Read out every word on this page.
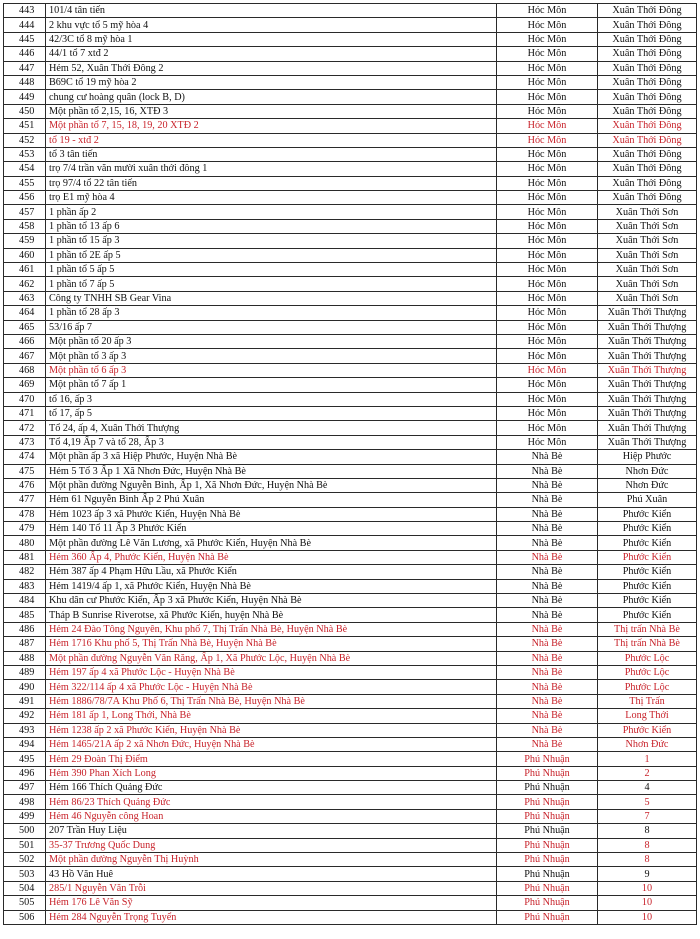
443	101/4 tân tiến	Hóc Môn	Xuân Thới Đông
444	2 khu vực tổ 5 mỹ hòa 4	Hóc Môn	Xuân Thới Đông
445	42/3C tổ 8 mỹ hòa 1	Hóc Môn	Xuân Thới Đông
446	44/1 tổ 7 xtđ 2	Hóc Môn	Xuân Thới Đông
447	Hẻm 52, Xuân Thới Đông 2	Hóc Môn	Xuân Thới Đông
448	B69C tổ 19 mỹ hòa 2	Hóc Môn	Xuân Thới Đông
449	chung cư hoàng quân (lock B, D)	Hóc Môn	Xuân Thới Đông
450	Một phần tổ 2,15, 16, XTĐ 3	Hóc Môn	Xuân Thới Đông
451	Một phần tổ 7, 15, 18, 19, 20 XTĐ 2	Hóc Môn	Xuân Thới Đông
452	tổ 19 - xtđ 2	Hóc Môn	Xuân Thới Đông
453	tổ 3 tân tiến	Hóc Môn	Xuân Thới Đông
454	trọ 7/4 trần văn mười xuân thới đông 1	Hóc Môn	Xuân Thới Đông
455	trọ 97/4 tổ 22 tân tiến	Hóc Môn	Xuân Thới Đông
456	trọ E1 mỹ hòa 4	Hóc Môn	Xuân Thới Đông
457	1 phần ấp 2	Hóc Môn	Xuân Thới Sơn
458	1 phần tổ 13 ấp 6	Hóc Môn	Xuân Thới Sơn
459	1 phần tổ 15 ấp 3	Hóc Môn	Xuân Thới Sơn
460	1 phần tổ 2E ấp 5	Hóc Môn	Xuân Thới Sơn
461	1 phần tổ 5 ấp 5	Hóc Môn	Xuân Thới Sơn
462	1 phần tổ 7 ấp 5	Hóc Môn	Xuân Thới Sơn
463	Công ty TNHH SB Gear Vina	Hóc Môn	Xuân Thới Sơn
464	1 phần tổ 28 ấp 3	Hóc Môn	Xuân Thới Thượng
465	53/16 ấp 7	Hóc Môn	Xuân Thới Thượng
466	Một phần tổ 20 ấp 3	Hóc Môn	Xuân Thới Thượng
467	Một phần tổ 3 ấp 3	Hóc Môn	Xuân Thới Thượng
468	Một phần tổ 6 ấp 3	Hóc Môn	Xuân Thới Thượng
469	Một phần tổ 7 ấp 1	Hóc Môn	Xuân Thới Thượng
470	tổ 16, ấp 3	Hóc Môn	Xuân Thới Thượng
471	tổ 17, ấp 5	Hóc Môn	Xuân Thới Thượng
472	Tổ 24, ấp 4, Xuân Thới Thượng	Hóc Môn	Xuân Thới Thượng
473	Tổ 4,19 Ấp 7 và tổ 28, Ấp 3	Hóc Môn	Xuân Thới Thượng
474	Một phần ấp 3 xã Hiệp Phước, Huyện Nhà Bè	Nhà Bè	Hiệp Phước
475	Hẻm 5 Tổ 3 Ấp 1 Xã Nhơn Đức, Huyện Nhà Bè	Nhà Bè	Nhơn Đức
476	Một phần đường Nguyễn Bình, Ấp 1, Xã Nhơn Đức, Huyện Nhà Bè	Nhà Bè	Nhơn Đức
477	Hẻm 61 Nguyễn Bình Ấp 2 Phú Xuân	Nhà Bè	Phú Xuân
478	Hẻm 1023 ấp 3 xã Phước Kiển, Huyện Nhà Bè	Nhà Bè	Phước Kiển
479	Hẻm 140 Tổ 11 Ấp 3 Phước Kiển	Nhà Bè	Phước Kiển
480	Một phần đường Lê Văn Lương, xã Phước Kiển, Huyện Nhà Bè	Nhà Bè	Phước Kiển
481	Hẻm 360 Ấp 4, Phước Kiển, Huyện Nhà Bè	Nhà Bè	Phước Kiển
482	Hẻm 387 ấp 4 Phạm Hữu Lầu, xã Phước Kiển	Nhà Bè	Phước Kiển
483	Hẻm 1419/4 ấp 1, xã Phước Kiển, Huyện Nhà Bè	Nhà Bè	Phước Kiển
484	Khu dân cư Phước Kiển, Ấp 3 xã Phước Kiển, Huyện Nhà Bè	Nhà Bè	Phước Kiển
485	Tháp B Sunrise Riverotse, xã Phước Kiển, huyện Nhà Bè	Nhà Bè	Phước Kiển
486	Hẻm 24 Đào Tông Nguyên, Khu phố 7, Thị Trấn Nhà Bè, Huyện Nhà Bè	Nhà Bè	Thị trấn Nhà Bè
487	Hẻm 1716 Khu phố 5, Thị Trấn Nhà Bè, Huyện Nhà Bè	Nhà Bè	Thị trấn Nhà Bè
488	Một phần đường Nguyễn Văn Răng, Ấp 1, Xã Phước Lộc, Huyện Nhà Bè	Nhà Bè	Phước Lộc
489	Hẻm 197 ấp 4 xã Phước Lộc - Huyện Nhà Bè	Nhà Bè	Phước Lộc
490	Hẻm 322/114 ấp 4 xã Phước Lộc - Huyện Nhà Bè	Nhà Bè	Phước Lộc
491	Hẻm 1886/78/7A Khu Phố 6, Thị Trấn Nhà Bè, Huyện Nhà Bè	Nhà Bè	Thị Trấn
492	Hẻm 181 ấp 1, Long Thới, Nhà Bè	Nhà Bè	Long Thới
493	Hẻm 1238 ấp 2 xã Phước Kiển, Huyện Nhà Bè	Nhà Bè	Phước Kiển
494	Hẻm 1465/21A ấp 2 xã Nhơn Đức, Huyện Nhà Bè	Nhà Bè	Nhơn Đức
495	Hẻm 29 Đoàn Thị Điểm	Phú Nhuận	1
496	Hẻm 390 Phan Xích Long	Phú Nhuận	2
497	Hẻm 166 Thích Quảng Đức	Phú Nhuận	4
498	Hẻm 86/23 Thích Quảng Đức	Phú Nhuận	5
499	Hẻm 46 Nguyễn công Hoan	Phú Nhuận	7
500	207 Trần Huy Liệu	Phú Nhuận	8
501	35-37 Trương Quốc Dung	Phú Nhuận	8
502	Một phần đường Nguyễn Thị Huỳnh	Phú Nhuận	8
503	43 Hồ Văn Huê	Phú Nhuận	9
504	285/1 Nguyễn Văn Trỗi	Phú Nhuận	10
505	Hẻm 176 Lê Văn Sỹ	Phú Nhuận	10
506	Hẻm 284 Nguyễn Trọng Tuyển	Phú Nhuận	10
